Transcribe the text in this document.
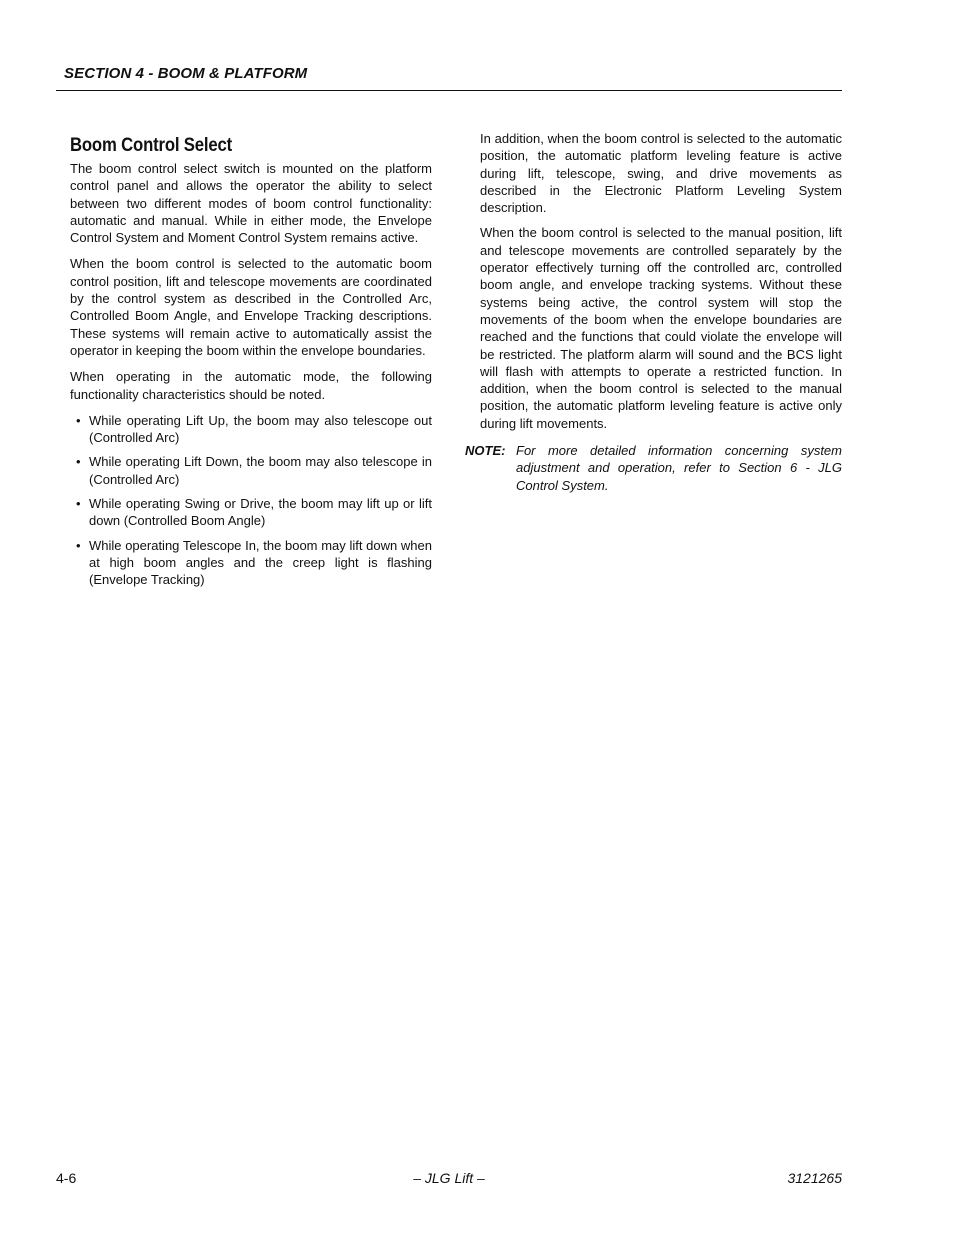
SECTION 4 - BOOM & PLATFORM
Boom Control Select

The boom control select switch is mounted on the platform control panel and allows the operator the ability to select between two different modes of boom control functionality: automatic and manual. While in either mode, the Envelope Control System and Moment Control System remains active.

When the boom control is selected to the automatic boom control position, lift and telescope movements are coordinated by the control system as described in the Controlled Arc, Controlled Boom Angle, and Envelope Tracking descriptions. These systems will remain active to automatically assist the operator in keeping the boom within the envelope boundaries.

When operating in the automatic mode, the following functionality characteristics should be noted.

• While operating Lift Up, the boom may also telescope out (Controlled Arc)
• While operating Lift Down, the boom may also telescope in (Controlled Arc)
• While operating Swing or Drive, the boom may lift up or lift down (Controlled Boom Angle)
• While operating Telescope In, the boom may lift down when at high boom angles and the creep light is flashing (Envelope Tracking)

In addition, when the boom control is selected to the automatic position, the automatic platform leveling feature is active during lift, telescope, swing, and drive movements as described in the Electronic Platform Leveling System description.

When the boom control is selected to the manual position, lift and telescope movements are controlled separately by the operator effectively turning off the controlled arc, controlled boom angle, and envelope tracking systems. Without these systems being active, the control system will stop the movements of the boom when the envelope boundaries are reached and the functions that could violate the envelope will be restricted. The platform alarm will sound and the BCS light will flash with attempts to operate a restricted function. In addition, when the boom control is selected to the manual position, the automatic platform leveling feature is active only during lift movements.

NOTE: For more detailed information concerning system adjustment and operation, refer to Section 6 - JLG Control System.
4-6	– JLG Lift –	3121265
